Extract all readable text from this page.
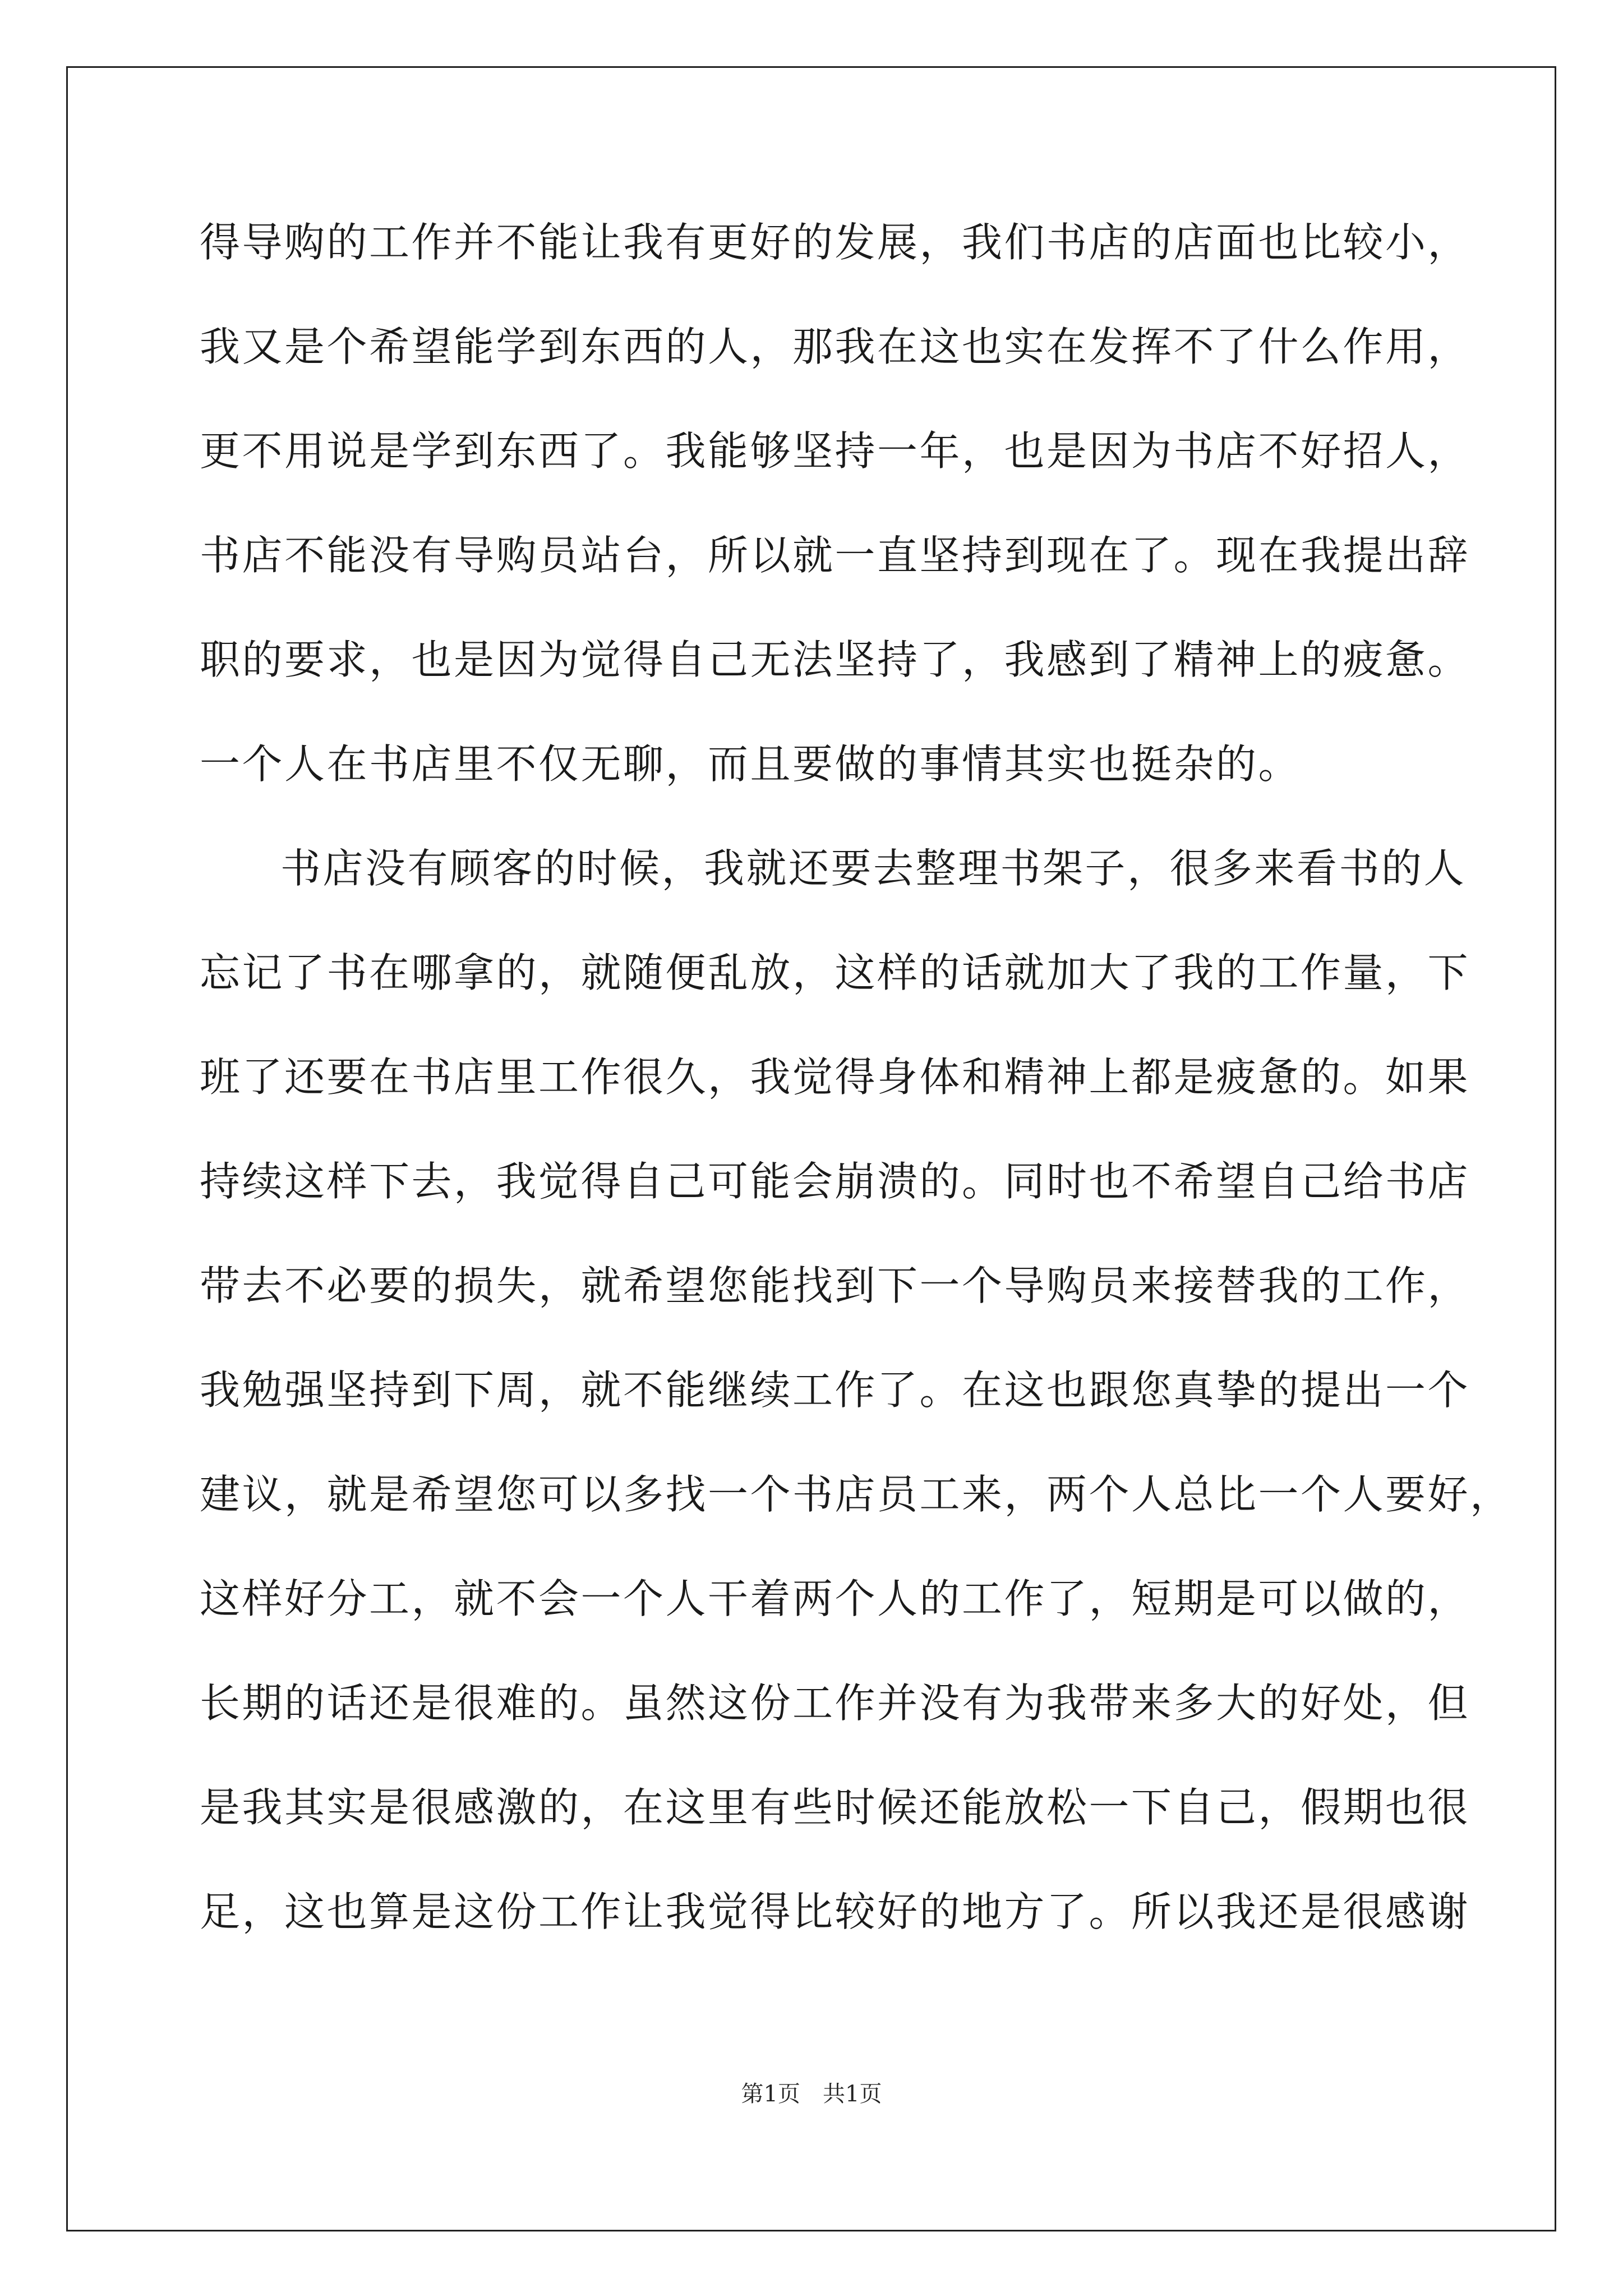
得导购的工作并不能让我有更好的发展，我们书店的店面也比较小，
我又是个希望能学到东西的人，那我在这也实在发挥不了什么作用，
更不用说是学到东西了。我能够坚持一年，也是因为书店不好招人，
书店不能没有导购员站台，所以就一直坚持到现在了。现在我提出辞
职的要求，也是因为觉得自己无法坚持了，我感到了精神上的疲惫。
一个人在书店里不仅无聊，而且要做的事情其实也挺杂的。
书店没有顾客的时候，我就还要去整理书架子，很多来看书的人
忘记了书在哪拿的，就随便乱放，这样的话就加大了我的工作量，下
班了还要在书店里工作很久，我觉得身体和精神上都是疲惫的。如果
持续这样下去，我觉得自己可能会崩溃的。同时也不希望自己给书店
带去不必要的损失，就希望您能找到下一个导购员来接替我的工作，
我勉强坚持到下周，就不能继续工作了。在这也跟您真挚的提出一个
建议，就是希望您可以多找一个书店员工来，两个人总比一个人要好，
这样好分工，就不会一个人干着两个人的工作了，短期是可以做的，
长期的话还是很难的。虽然这份工作并没有为我带来多大的好处，但
是我其实是很感激的，在这里有些时候还能放松一下自己，假期也很
足，这也算是这份工作让我觉得比较好的地方了。所以我还是很感谢
第1页 共1页
